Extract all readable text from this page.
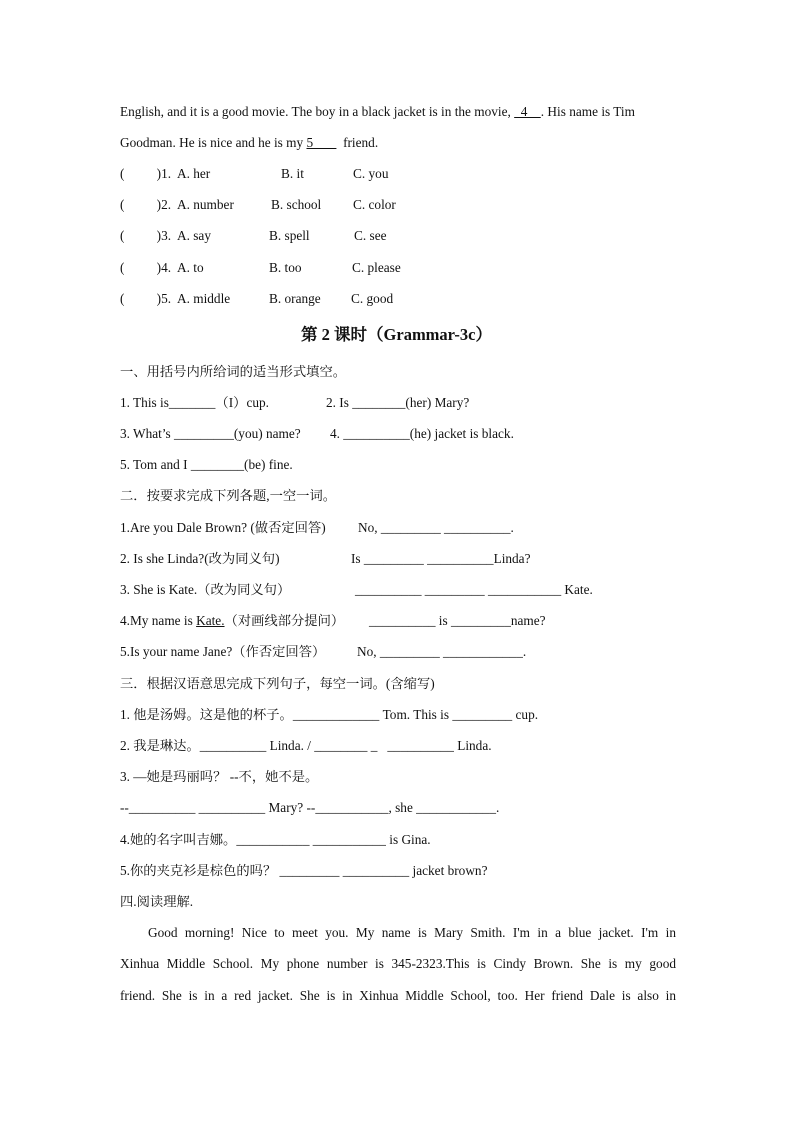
English, and it is a good movie. The boy in a black jacket is in the movie,   4    . His name is Tim
Goodman. He is nice and he is my 5         friend.
( )1. A. her	B. it	C. you
( )2. A. number	B. school C. color
( )3. A. say	B. spell	C. see
( )4. A. to	B. too	C. please
( )5. A. middle	B. orange C. good
第 2 课时（Grammar-3c）
一、用括号内所给词的适当形式填空。
1. This is_______（I）cup.	2. Is ________(her) Mary?
3. What’s _________(you) name? 4. __________(he) jacket is black.
5. Tom and I ________(be) fine.
二．按要求完成下列各题,一空一词。
1.Are you Dale Brown? (做否定回答) No, _________ __________.
2. Is she Linda?(改为同义句)	Is _________ __________Linda?
3. She is Kate.（改为同义句）	__________ _________ ___________ Kate.
4.My name is Kate.（对画线部分提问） __________ is _________name?
5.Is your name Jane?（作否定回答） No, _________ ____________.
三．根据汉语意思完成下列句子，每空一词。(含缩写)
1. 他是汤姆。这是他的杯子。_____________ Tom. This is _________ cup.
2. 我是琳达。__________ Linda. / ________ _   __________ Linda.
3. —她是玛丽吗？ --不，她不是。
--__________ __________ Mary? --___________, she ____________.
4.她的名字叫吉娜。___________ ___________ is Gina.
5.你的夹克衫是棕色的吗？ _________ __________ jacket brown?
四.阅读理解.
Good morning! Nice to meet you. My name is Mary Smith. I'm in a blue jacket. I'm in
Xinhua Middle School. My phone number is 345-2323.This is Cindy Brown. She is my good
friend. She is in a red jacket. She is in Xinhua Middle School, too. Her friend Dale is also in
